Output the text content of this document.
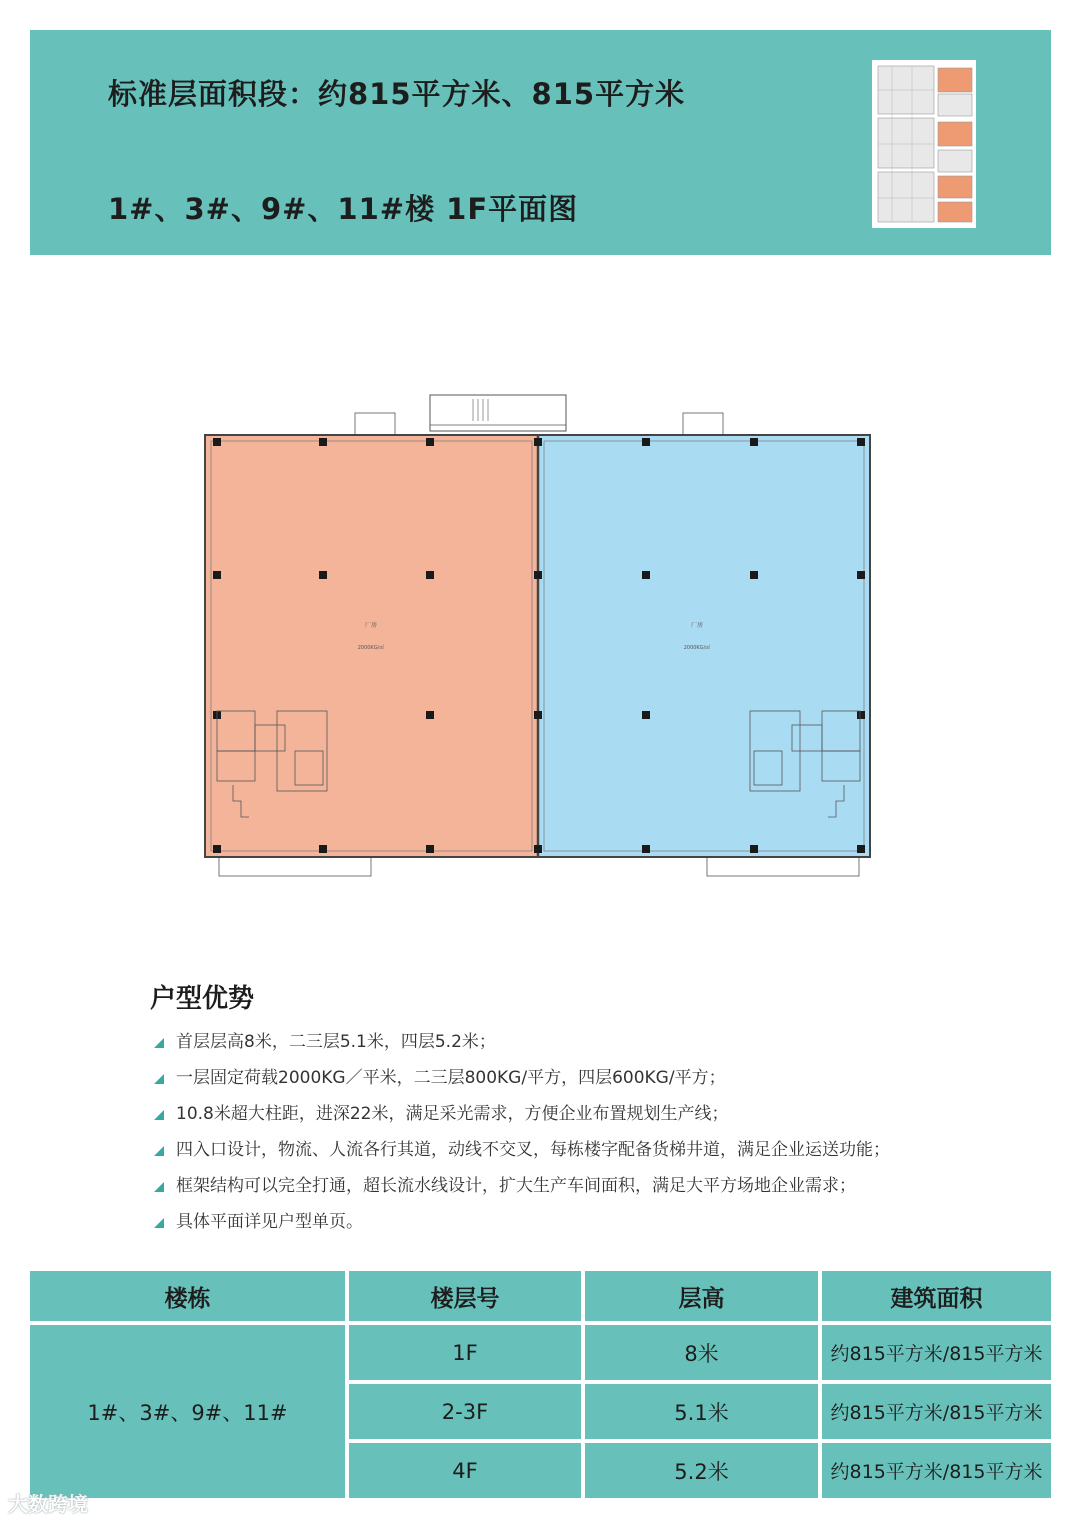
标准层面积段：约815平方米、815平方米
1#、3#、9#、11#楼 1F平面图
厂房
2000KG/㎡
厂房
2000KG/㎡
户型优势
首层层高8米，二三层5.1米，四层5.2米；
一层固定荷载2000KG／平米，二三层800KG/平方，四层600KG/平方；
10.8米超大柱距，进深22米，满足采光需求，方便企业布置规划生产线；
四入口设计，物流、人流各行其道，动线不交叉，每栋楼字配备货梯井道，满足企业运送功能；
框架结构可以完全打通，超长流水线设计，扩大生产车间面积，满足大平方场地企业需求；
具体平面详见户型单页。
楼栋	楼层号	层高	建筑面积
1#、3#、9#、11#
1F	8米	约815平方米/815平方米
2-3F	5.1米	约815平方米/815平方米
4F	5.2米	约815平方米/815平方米
大数跨境
